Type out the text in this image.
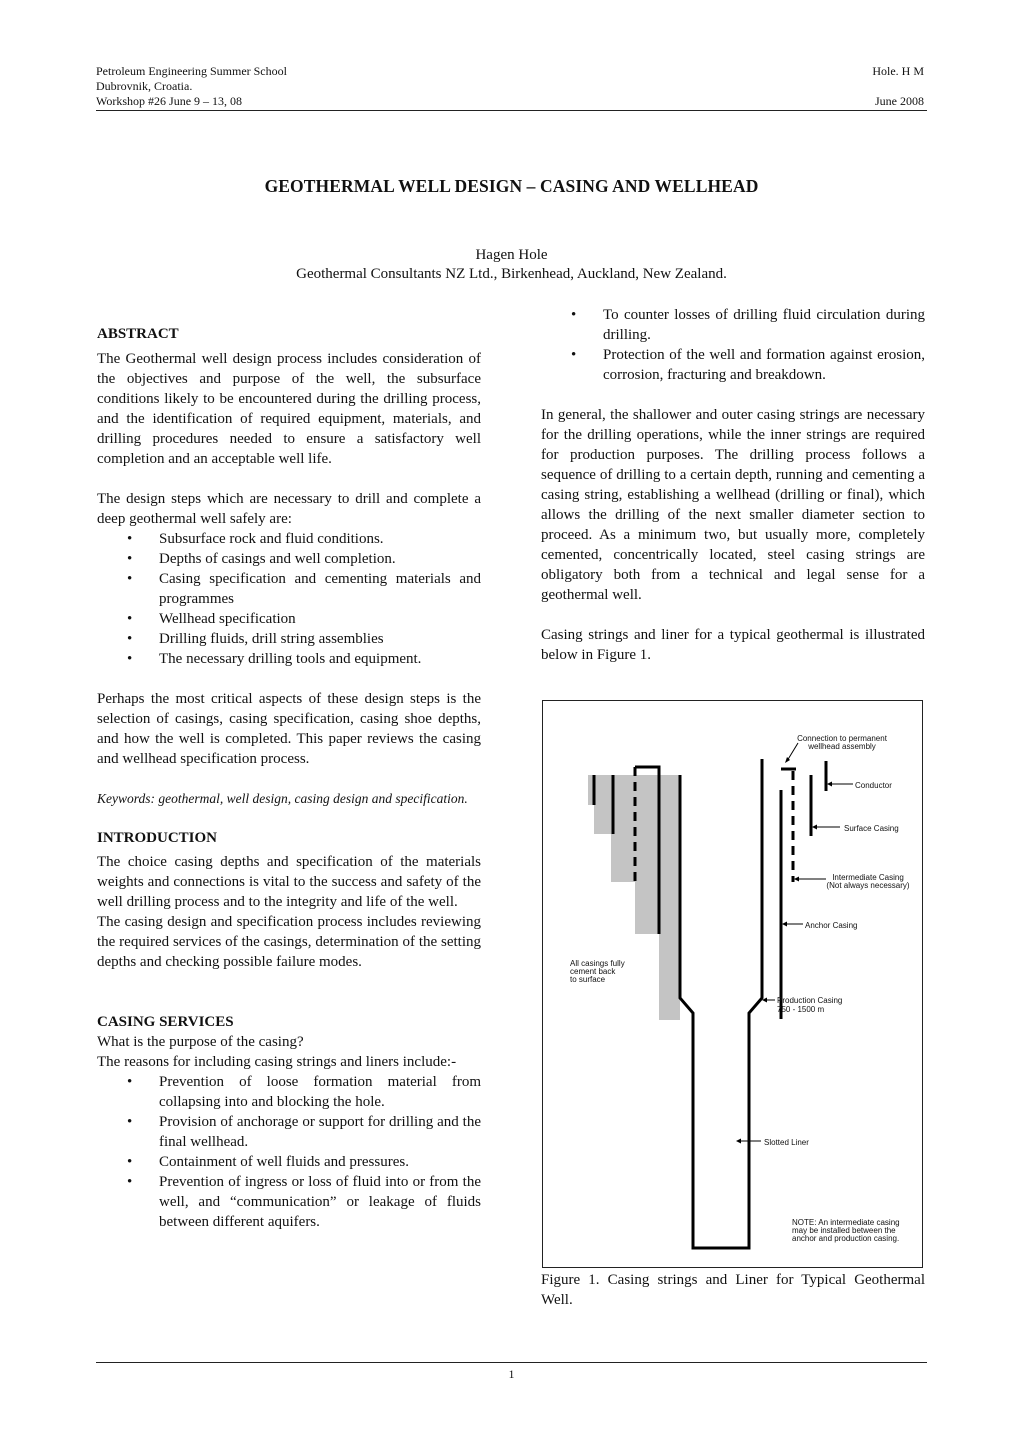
Petroleum Engineering Summer School
Dubrovnik, Croatia.
Workshop #26 June 9 – 13, 08
Hole. H M

June 2008
GEOTHERMAL WELL DESIGN – CASING AND WELLHEAD
Hagen Hole
Geothermal Consultants NZ Ltd., Birkenhead, Auckland, New Zealand.
ABSTRACT

The Geothermal well design process includes consideration of the objectives and purpose of the well, the subsurface conditions likely to be encountered during the drilling process, and the identification of required equipment, materials, and drilling procedures needed to ensure a satisfactory well completion and an acceptable well life.

The design steps which are necessary to drill and complete a deep geothermal well safely are:

• Subsurface rock and fluid conditions.
• Depths of casings and well completion.
• Casing specification and cementing materials and programmes
• Wellhead specification
• Drilling fluids, drill string assemblies
• The necessary drilling tools and equipment.

Perhaps the most critical aspects of these design steps is the selection of casings, casing specification, casing shoe depths, and how the well is completed. This paper reviews the casing and wellhead specification process.

Keywords: geothermal, well design, casing design and specification.

INTRODUCTION

The choice casing depths and specification of the materials weights and connections is vital to the success and safety of the well drilling process and to the integrity and life of the well.

The casing design and specification process includes reviewing the required services of the casings, determination of the setting depths and checking possible failure modes.

CASING SERVICES

What is the purpose of the casing?

The reasons for including casing strings and liners include:-

• Prevention of loose formation material from collapsing into and blocking the hole.
• Provision of anchorage or support for drilling and the final wellhead.
• Containment of well fluids and pressures.
• Prevention of ingress or loss of fluid into or from the well, and “communication” or leakage of fluids between different aquifers.
• To counter losses of drilling fluid circulation during drilling.
• Protection of the well and formation against erosion, corrosion, fracturing and breakdown.

In general, the shallower and outer casing strings are necessary for the drilling operations, while the inner strings are required for production purposes. The drilling process follows a sequence of drilling to a certain depth, running and cementing a casing string, establishing a wellhead (drilling or final), which allows the drilling of the next smaller diameter section to proceed. As a minimum two, but usually more, completely cemented, concentrically located, steel casing strings are obligatory both from a technical and legal sense for a geothermal well.

Casing strings and liner for a typical geothermal is illustrated below in Figure 1.

Connection to permanent
wellhead assembly
Conductor
Surface Casing
Intermediate Casing
(Not always necessary)
Anchor Casing
All casings fully
cement back
to surface
Production Casing
750 - 1500 m
Slotted Liner
NOTE: An intermediate casing
may be installed between the
anchor and production casing.
Figure 1. Casing strings and Liner for Typical Geothermal Well.
1
